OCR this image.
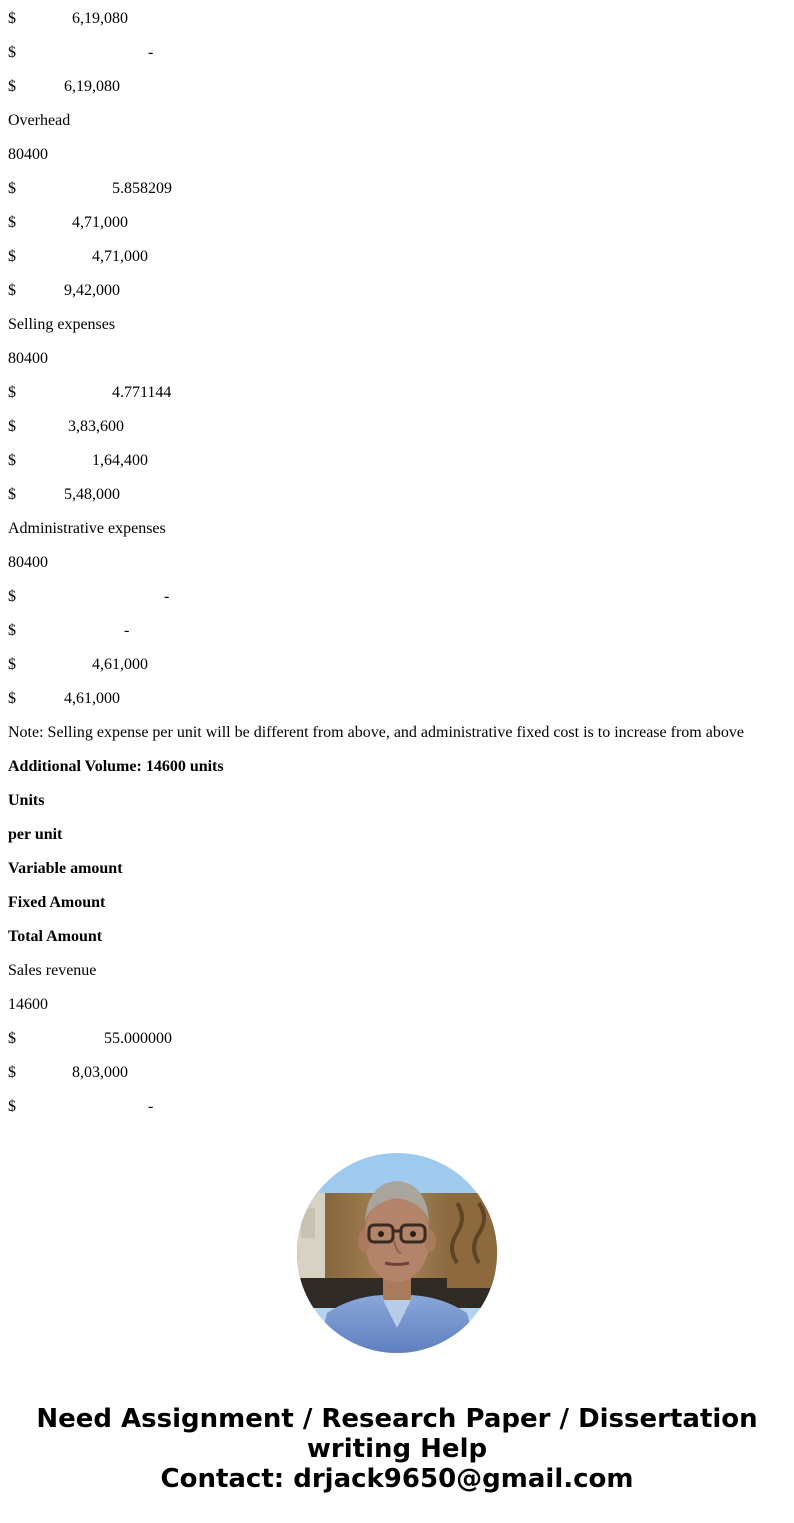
$              6,19,080
$                                 -
$            6,19,080
Overhead
80400
$                        5.858209
$              4,71,000
$                   4,71,000
$            9,42,000
Selling expenses
80400
$                        4.771144
$             3,83,600
$                   1,64,400
$            5,48,000
Administrative expenses
80400
$                                     -
$                           -
$                   4,61,000
$            4,61,000
Note: Selling expense per unit will be different from above, and administrative fixed cost is to increase from above
Additional Volume: 14600 units
Units
per unit
Variable amount
Fixed Amount
Total Amount
Sales revenue
14600
$                      55.000000
$              8,03,000
$                                 -
Need Assignment / Research Paper / Dissertation
writing Help
Contact: drjack9650@gmail.com
